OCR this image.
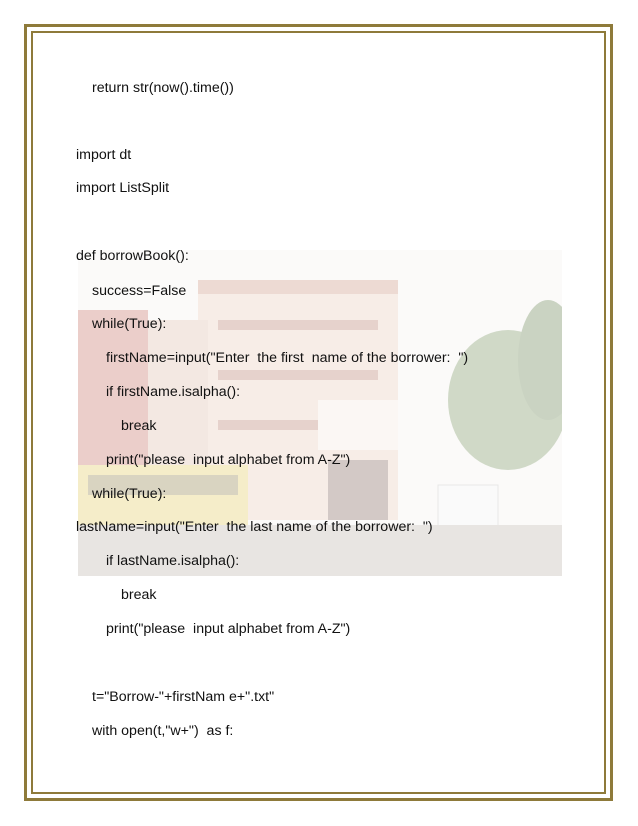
return str(now().time())
import dt
import ListSplit
def borrowBook():
success=False
while(True):
firstName=input("Enter  the first  name of the borrower:  ")
if firstName.isalpha():
break
print("please  input alphabet from A-Z")
while(True):
lastName=input("Enter  the last name of the borrower:  ")
if lastName.isalpha():
break
print("please  input alphabet from A-Z")
t="Borrow-"+firstNam e+".txt"
with open(t,"w+")  as f:
